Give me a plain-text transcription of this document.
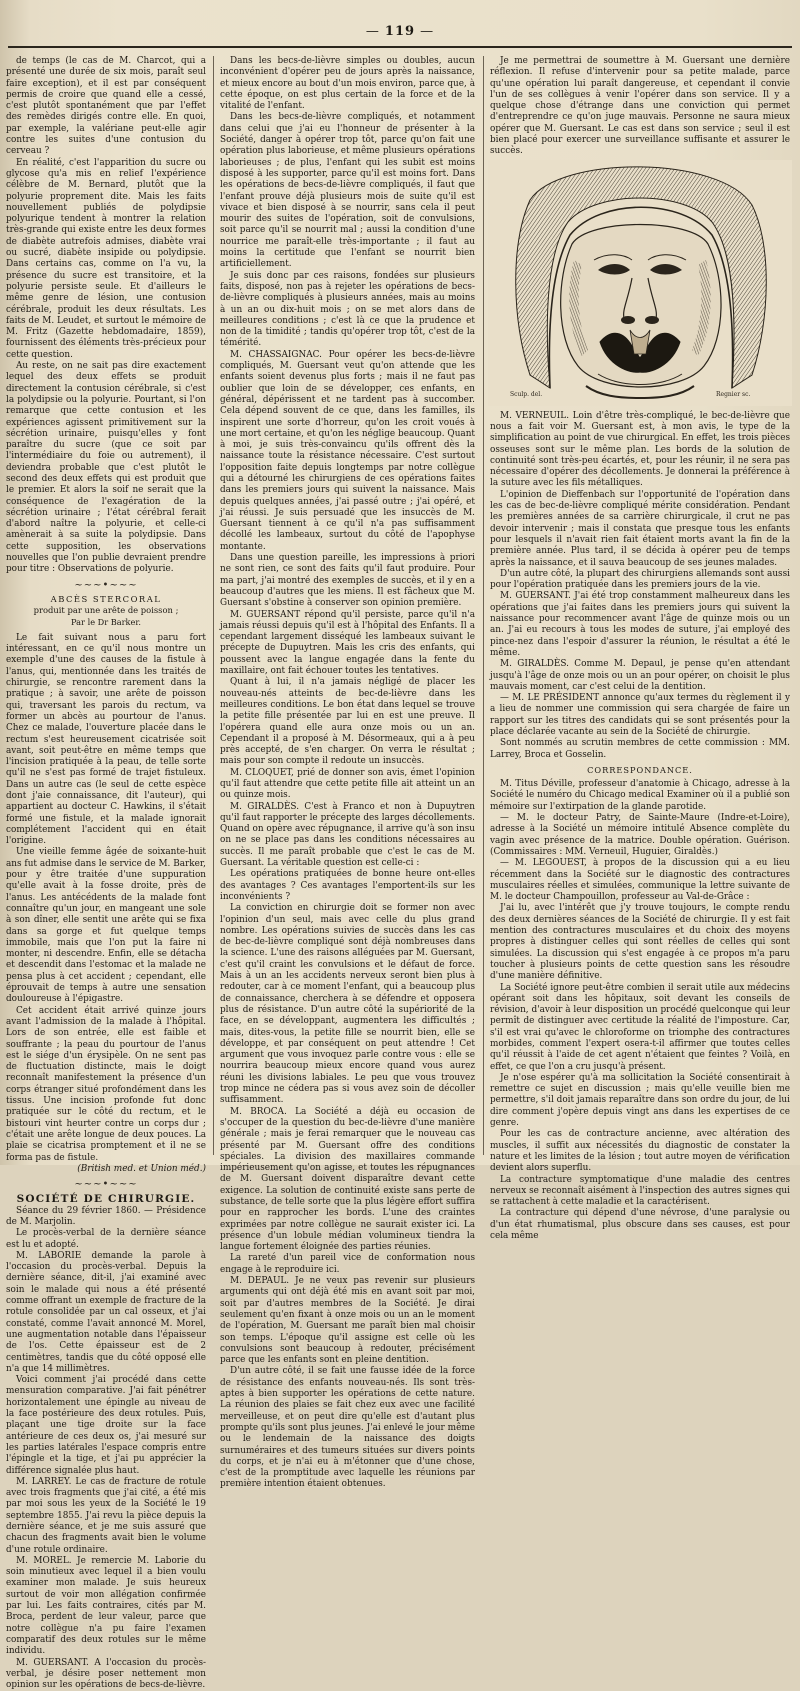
— 119 —

de temps (le cas de M. Charcot, qui a présenté une durée de six mois, paraît seul faire exception), et il est par conséquent permis de croire que quand elle a cessé, c'est plutôt spontanément que par l'effet des remèdes dirigés contre elle. En quoi, par exemple, la valériane peut-elle agir contre les suites d'une contusion du cerveau ?

En réalité, c'est l'apparition du sucre ou glycose qu'a mis en relief l'expérience célèbre de M. Bernard, plutôt que la polyurie proprement dite. Mais les faits nouvellement publiés de polydipsie polyurique tendent à montrer la relation très-grande qui existe entre les deux formes de diabète autrefois admises, diabète vrai ou sucré, diabète insipide ou polydipsie. Dans certains cas, comme on l'a vu, la présence du sucre est transitoire, et la polyurie persiste seule. Et d'ailleurs le même genre de lésion, une contusion cérébrale, produit les deux résultats. Les faits de M. Leudet, et surtout le mémoire de M. Fritz (Gazette hebdomadaire, 1859), fournissent des éléments très-précieux pour cette question.

Au reste, on ne sait pas dire exactement lequel des deux effets se produit directement la contusion cérébrale, si c'est la polydipsie ou la polyurie. Pourtant, si l'on remarque que cette contusion et les expériences agissent primitivement sur la sécrétion urinaire, puisqu'elles y font paraître du sucre (que ce soit par l'intermédiaire du foie ou autrement), il deviendra probable que c'est plutôt le second des deux effets qui est produit que le premier. Et alors la soif ne serait que la conséquence de l'exagération de la sécrétion urinaire ; l'état cérébral ferait d'abord naître la polyurie, et celle-ci amènerait à sa suite la polydipsie. Dans cette supposition, les observations nouvelles que l'on publie devraient prendre pour titre : Observations de polyurie.

~~~•~~~
ABCÈS STERCORAL
produit par une arête de poisson ;
Par le Dr Barker.

Le fait suivant nous a paru fort intéressant, en ce qu'il nous montre un exemple d'une des causes de la fistule à l'anus, qui, mentionnée dans les traités de chirurgie, se rencontre rarement dans la pratique ; à savoir, une arête de poisson qui, traversant les parois du rectum, va former un abcès au pourtour de l'anus. Chez ce malade, l'ouverture placée dans le rectum s'est heureusement cicatrisée soit avant, soit peut-être en même temps que l'incision pratiquée à la peau, de telle sorte qu'il ne s'est pas formé de trajet fistuleux. Dans un autre cas (le seul de cette espèce dont j'aie connaissance, dit l'auteur), qui appartient au docteur C. Hawkins, il s'était formé une fistule, et la malade ignorait complétement l'accident qui en était l'origine.

Une vieille femme âgée de soixante-huit ans fut admise dans le service de M. Barker, pour y être traitée d'une suppuration qu'elle avait à la fosse droite, près de l'anus. Les antécédents de la malade font connaître qu'un jour, en mangeant une sole à son dîner, elle sentit une arête qui se fixa dans sa gorge et fut quelque temps immobile, mais que l'on put la faire ni monter, ni descendre. Enfin, elle se détacha et descendit dans l'estomac et la malade ne pensa plus à cet accident ; cependant, elle éprouvait de temps à autre une sensation douloureuse à l'épigastre.

Cet accident était arrivé quinze jours avant l'admission de la malade à l'hôpital. Lors de son entrée, elle est faible et souffrante ; la peau du pourtour de l'anus est le siége d'un érysipèle. On ne sent pas de fluctuation distincte, mais le doigt reconnaît manifestement la présence d'un corps étranger situé profondément dans les tissus. Une incision profonde fut donc pratiquée sur le côté du rectum, et le bistouri vint heurter contre un corps dur ; c'était une arête longue de deux pouces. La plaie se cicatrisa promptement et il ne se forma pas de fistule.

(British med. et Union méd.)
~~~•~~~
SOCIÉTÉ DE CHIRURGIE.

Séance du 29 février 1860. — Présidence de M. Marjolin.

Le procès-verbal de la dernière séance est lu et adopté.

M. LABORIE demande la parole à l'occasion du procès-verbal. Depuis la dernière séance, dit-il, j'ai examiné avec soin le malade qui nous a été présenté comme offrant un exemple de fracture de la rotule consolidée par un cal osseux, et j'ai constaté, comme l'avait annoncé M. Morel, une augmentation notable dans l'épaisseur de l'os. Cette épaisseur est de 2 centimètres, tandis que du côté opposé elle n'a que 14 millimètres.

Voici comment j'ai procédé dans cette mensuration comparative. J'ai fait pénétrer horizontalement une épingle au niveau de la face postérieure des deux rotules. Puis, plaçant une tige droite sur la face antérieure de ces deux os, j'ai mesuré sur les parties latérales l'espace compris entre l'épingle et la tige, et j'ai pu apprécier la différence signalée plus haut.

M. LARREY. Le cas de fracture de rotule avec trois fragments que j'ai cité, a été mis par moi sous les yeux de la Société le 19 septembre 1855. J'ai revu la pièce depuis la dernière séance, et je me suis assuré que chacun des fragments avait bien le volume d'une rotule ordinaire.

M. MOREL. Je remercie M. Laborie du soin minutieux avec lequel il a bien voulu examiner mon malade. Je suis heureux surtout de voir mon allégation confirmée par lui. Les faits contraires, cités par M. Broca, perdent de leur valeur, parce que notre collègue n'a pu faire l'examen comparatif des deux rotules sur le même individu.

M. GUERSANT. A l'occasion du procès-verbal, je désire poser nettement mon opinion sur les opérations de becs-de-lièvre.

Dans les becs-de-lièvre simples ou doubles, aucun inconvénient d'opérer peu de jours après la naissance, et mieux encore au bout d'un mois environ, parce que, à cette époque, on est plus certain de la force et de la vitalité de l'enfant.

Dans les becs-de-lièvre compliqués, et notamment dans celui que j'ai eu l'honneur de présenter à la Société, danger à opérer trop tôt, parce qu'on fait une opération plus laborieuse, et même plusieurs opérations laborieuses ; de plus, l'enfant qui les subit est moins disposé à les supporter, parce qu'il est moins fort. Dans les opérations de becs-de-lièvre compliqués, il faut que l'enfant prouve déjà plusieurs mois de suite qu'il est vivace et bien disposé à se nourrir, sans cela il peut mourir des suites de l'opération, soit de convulsions, soit parce qu'il se nourrit mal ; aussi la condition d'une nourrice me paraît-elle très-importante ; il faut au moins la certitude que l'enfant se nourrit bien artificiellement.

Je suis donc par ces raisons, fondées sur plusieurs faits, disposé, non pas à rejeter les opérations de becs-de-lièvre compliqués à plusieurs années, mais au moins à un an ou dix-huit mois ; on se met alors dans de meilleures conditions ; c'est là ce que la prudence et non de la timidité ; tandis qu'opérer trop tôt, c'est de la témérité.

M. CHASSAIGNAC. Pour opérer les becs-de-lièvre compliqués, M. Guersant veut qu'on attende que les enfants soient devenus plus forts ; mais il ne faut pas oublier que loin de se développer, ces enfants, en général, dépérissent et ne tardent pas à succomber. Cela dépend souvent de ce que, dans les familles, ils inspirent une sorte d'horreur, qu'on les croit voués à une mort certaine, et qu'on les néglige beaucoup. Quant à moi, je suis très-convaincu qu'ils offrent dès la naissance toute la résistance nécessaire. C'est surtout l'opposition faite depuis longtemps par notre collègue qui a détourné les chirurgiens de ces opérations faites dans les premiers jours qui suivent la naissance. Mais depuis quelques années, j'ai passé outre ; j'ai opéré, et j'ai réussi. Je suis persuadé que les insuccès de M. Guersant tiennent à ce qu'il n'a pas suffisamment décollé les lambeaux, surtout du côté de l'apophyse montante.

Dans une question pareille, les impressions à priori ne sont rien, ce sont des faits qu'il faut produire. Pour ma part, j'ai montré des exemples de succès, et il y en a beaucoup d'autres que les miens. Il est fâcheux que M. Guersant s'obstine à conserver son opinion première.

M. GUERSANT répond qu'il persiste, parce qu'il n'a jamais réussi depuis qu'il est à l'hôpital des Enfants. Il a cependant largement disséqué les lambeaux suivant le précepte de Dupuytren. Mais les cris des enfants, qui poussent avec la langue engagée dans la fente du maxillaire, ont fait échouer toutes les tentatives.

Quant à lui, il n'a jamais négligé de placer les nouveau-nés atteints de bec-de-lièvre dans les meilleures conditions. Le bon état dans lequel se trouve la petite fille présentée par lui en est une preuve. Il l'opérera quand elle aura onze mois ou un an. Cependant il a proposé à M. Désormeaux, qui a à peu près accepté, de s'en charger. On verra le résultat ; mais pour son compte il redoute un insuccès.

M. CLOQUET, prié de donner son avis, émet l'opinion qu'il faut attendre que cette petite fille ait atteint un an ou quinze mois.

M. GIRALDÈS. C'est à Franco et non à Dupuytren qu'il faut rapporter le précepte des larges décollements. Quand on opère avec répugnance, il arrive qu'à son insu on ne se place pas dans les conditions nécessaires au succès. Il me paraît probable que c'est le cas de M. Guersant. La véritable question est celle-ci :

Les opérations pratiquées de bonne heure ont-elles des avantages ? Ces avantages l'emportent-ils sur les inconvénients ?

La conviction en chirurgie doit se former non avec l'opinion d'un seul, mais avec celle du plus grand nombre. Les opérations suivies de succès dans les cas de bec-de-lièvre compliqué sont déjà nombreuses dans la science. L'une des raisons alléguées par M. Guersant, c'est qu'il craint les convulsions et le défaut de force. Mais à un an les accidents nerveux seront bien plus à redouter, car à ce moment l'enfant, qui a beaucoup plus de connaissance, cherchera à se défendre et opposera plus de résistance. D'un autre côté la supériorité de la face, en se développant, augmentera les difficultés ; mais, dites-vous, la petite fille se nourrit bien, elle se développe, et par conséquent on peut attendre ! Cet argument que vous invoquez parle contre vous : elle se nourrira beaucoup mieux encore quand vous aurez réuni les divisions labiales. Le peu que vous trouvez trop mince ne cédera pas si vous avez soin de décoller suffisamment.

M. BROCA. La Société a déjà eu occasion de s'occuper de la question du bec-de-lièvre d'une manière générale ; mais je ferai remarquer que le nouveau cas présenté par M. Guersant offre des conditions spéciales. La division des maxillaires commande impérieusement qu'on agisse, et toutes les répugnances de M. Guersant doivent disparaître devant cette exigence. La solution de continuité existe sans perte de substance, de telle sorte que la plus légère effort suffira pour en rapprocher les bords. L'une des craintes exprimées par notre collègue ne saurait exister ici. La présence d'un lobule médian volumineux tiendra la langue fortement éloignée des parties réunies.

La rareté d'un pareil vice de conformation nous engage à le reproduire ici.

M. DEPAUL. Je ne veux pas revenir sur plusieurs arguments qui ont déjà été mis en avant soit par moi, soit par d'autres membres de la Société. Je dirai seulement qu'en fixant à onze mois ou un an le moment de l'opération, M. Guersant me paraît bien mal choisir son temps. L'époque qu'il assigne est celle où les convulsions sont beaucoup à redouter, précisément parce que les enfants sont en pleine dentition.

D'un autre côté, il se fait une fausse idée de la force de résistance des enfants nouveau-nés. Ils sont très-aptes à bien supporter les opérations de cette nature. La réunion des plaies se fait chez eux avec une facilité merveilleuse, et on peut dire qu'elle est d'autant plus prompte qu'ils sont plus jeunes. J'ai enlevé le jour même ou le lendemain de la naissance des doigts surnuméraires et des tumeurs situées sur divers points du corps, et je n'ai eu à m'étonner que d'une chose, c'est de la promptitude avec laquelle les réunions par première intention étaient obtenues.

Je me permettrai de soumettre à M. Guersant une dernière réflexion. Il refuse d'intervenir pour sa petite malade, parce qu'une opération lui paraît dangereuse, et cependant il convie l'un de ses collègues à venir l'opérer dans son service. Il y a quelque chose d'étrange dans une conviction qui permet d'entreprendre ce qu'on juge mauvais. Personne ne saura mieux opérer que M. Guersant. Le cas est dans son service ; seul il est bien placé pour exercer une surveillance suffisante et assurer le succès.

Sculp. del.	Regnier sc.

M. VERNEUIL. Loin d'être très-compliqué, le bec-de-lièvre que nous a fait voir M. Guersant est, à mon avis, le type de la simplification au point de vue chirurgical. En effet, les trois pièces osseuses sont sur le même plan. Les bords de la solution de continuité sont très-peu écartés, et, pour les réunir, il ne sera pas nécessaire d'opérer des décollements. Je donnerai la préférence à la suture avec les fils métalliques.

L'opinion de Dieffenbach sur l'opportunité de l'opération dans les cas de bec-de-lièvre compliqué mérite considération. Pendant les premières années de sa carrière chirurgicale, il crut ne pas devoir intervenir ; mais il constata que presque tous les enfants pour lesquels il n'avait rien fait étaient morts avant la fin de la première année. Plus tard, il se décida à opérer peu de temps après la naissance, et il sauva beaucoup de ses jeunes malades.

D'un autre côté, la plupart des chirurgiens allemands sont aussi pour l'opération pratiquée dans les premiers jours de la vie.

M. GUERSANT. J'ai été trop constamment malheureux dans les opérations que j'ai faites dans les premiers jours qui suivent la naissance pour recommencer avant l'âge de quinze mois ou un an. J'ai eu recours à tous les modes de suture, j'ai employé des pince-nez dans l'espoir d'assurer la réunion, le résultat a été le même.

M. GIRALDÈS. Comme M. Depaul, je pense qu'en attendant jusqu'à l'âge de onze mois ou un an pour opérer, on choisit le plus mauvais moment, car c'est celui de la dentition.

— M. LE PRÉSIDENT annonce qu'aux termes du règlement il y a lieu de nommer une commission qui sera chargée de faire un rapport sur les titres des candidats qui se sont présentés pour la place déclarée vacante au sein de la Société de chirurgie.

Sont nommés au scrutin membres de cette commission : MM. Larrey, Broca et Gosselin.

CORRESPONDANCE.

M. Titus Déville, professeur d'anatomie à Chicago, adresse à la Société le numéro du Chicago medical Examiner où il a publié son mémoire sur l'extirpation de la glande parotide.

— M. le docteur Patry, de Sainte-Maure (Indre-et-Loire), adresse à la Société un mémoire intitulé Absence complète du vagin avec présence de la matrice. Double opération. Guérison. (Commissaires : MM. Verneuil, Huguier, Giraldès.)

— M. LEGOUEST, à propos de la discussion qui a eu lieu récemment dans la Société sur le diagnostic des contractures musculaires réelles et simulées, communique la lettre suivante de M. le docteur Champouillon, professeur au Val-de-Grâce :

J'ai lu, avec l'intérêt que j'y trouve toujours, le compte rendu des deux dernières séances de la Société de chirurgie. Il y est fait mention des contractures musculaires et du choix des moyens propres à distinguer celles qui sont réelles de celles qui sont simulées. La discussion qui s'est engagée à ce propos m'a paru toucher à plusieurs points de cette question sans les résoudre d'une manière définitive.

La Société ignore peut-être combien il serait utile aux médecins opérant soit dans les hôpitaux, soit devant les conseils de révision, d'avoir à leur disposition un procédé quelconque qui leur permît de distinguer avec certitude la réalité de l'imposture. Car, s'il est vrai qu'avec le chloroforme on triomphe des contractures morbides, comment l'expert osera-t-il affirmer que toutes celles qu'il réussit à l'aide de cet agent n'étaient que feintes ? Voilà, en effet, ce que l'on a cru jusqu'à présent.

Je n'ose espérer qu'à ma sollicitation la Société consentirait à remettre ce sujet en discussion ; mais qu'elle veuille bien me permettre, s'il doit jamais reparaître dans son ordre du jour, de lui dire comment j'opère depuis vingt ans dans les expertises de ce genre.

Pour les cas de contracture ancienne, avec altération des muscles, il suffit aux nécessités du diagnostic de constater la nature et les limites de la lésion ; tout autre moyen de vérification devient alors superflu.

La contracture symptomatique d'une maladie des centres nerveux se reconnaît aisément à l'inspection des autres signes qui se rattachent à cette maladie et la caractérisent.

La contracture qui dépend d'une névrose, d'une paralysie ou d'un état rhumatismal, plus obscure dans ses causes, est pour cela même
